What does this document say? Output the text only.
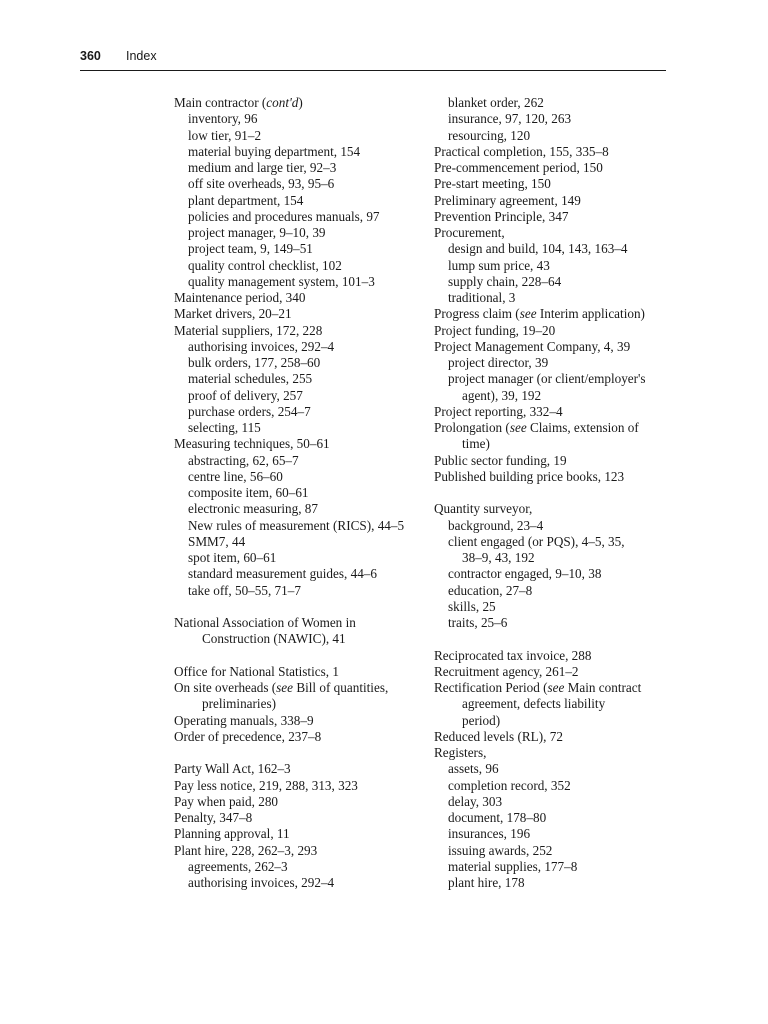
360 Index
Main contractor (cont'd)
inventory, 96
low tier, 91–2
material buying department, 154
medium and large tier, 92–3
off site overheads, 93, 95–6
plant department, 154
policies and procedures manuals, 97
project manager, 9–10, 39
project team, 9, 149–51
quality control checklist, 102
quality management system, 101–3
Maintenance period, 340
Market drivers, 20–21
Material suppliers, 172, 228
authorising invoices, 292–4
bulk orders, 177, 258–60
material schedules, 255
proof of delivery, 257
purchase orders, 254–7
selecting, 115
Measuring techniques, 50–61
abstracting, 62, 65–7
centre line, 56–60
composite item, 60–61
electronic measuring, 87
New rules of measurement (RICS), 44–5
SMM7, 44
spot item, 60–61
standard measurement guides, 44–6
take off, 50–55, 71–7
National Association of Women in
Construction (NAWIC), 41
Office for National Statistics, 1
On site overheads (see Bill of quantities,
preliminaries)
Operating manuals, 338–9
Order of precedence, 237–8
Party Wall Act, 162–3
Pay less notice, 219, 288, 313, 323
Pay when paid, 280
Penalty, 347–8
Planning approval, 11
Plant hire, 228, 262–3, 293
agreements, 262–3
authorising invoices, 292–4
blanket order, 262
insurance, 97, 120, 263
resourcing, 120
Practical completion, 155, 335–8
Pre-commencement period, 150
Pre-start meeting, 150
Preliminary agreement, 149
Prevention Principle, 347
Procurement,
design and build, 104, 143, 163–4
lump sum price, 43
supply chain, 228–64
traditional, 3
Progress claim (see Interim application)
Project funding, 19–20
Project Management Company, 4, 39
project director, 39
project manager (or client/employer's
agent), 39, 192
Project reporting, 332–4
Prolongation (see Claims, extension of
time)
Public sector funding, 19
Published building price books, 123
Quantity surveyor,
background, 23–4
client engaged (or PQS), 4–5, 35,
38–9, 43, 192
contractor engaged, 9–10, 38
education, 27–8
skills, 25
traits, 25–6
Reciprocated tax invoice, 288
Recruitment agency, 261–2
Rectification Period (see Main contract
agreement, defects liability
period)
Reduced levels (RL), 72
Registers,
assets, 96
completion record, 352
delay, 303
document, 178–80
insurances, 196
issuing awards, 252
material supplies, 177–8
plant hire, 178
